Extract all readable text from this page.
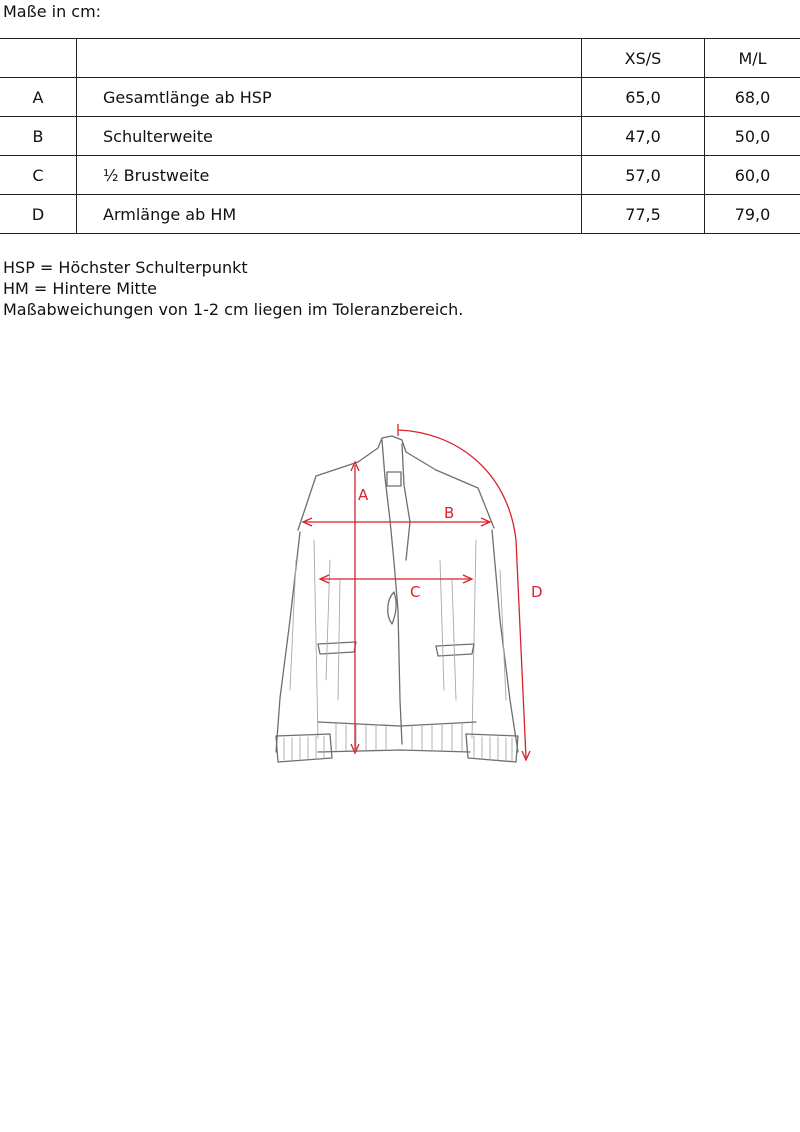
Maße in cm:
		XS/S	M/L
A	Gesamtlänge ab HSP	65,0	68,0
B	Schulterweite	47,0	50,0
C	½ Brustweite	57,0	60,0
D	Armlänge ab HM	77,5	79,0
HSP = Höchster Schulterpunkt
HM = Hintere Mitte
Maßabweichungen von 1-2 cm liegen im Toleranzbereich.
A
B
C	D
